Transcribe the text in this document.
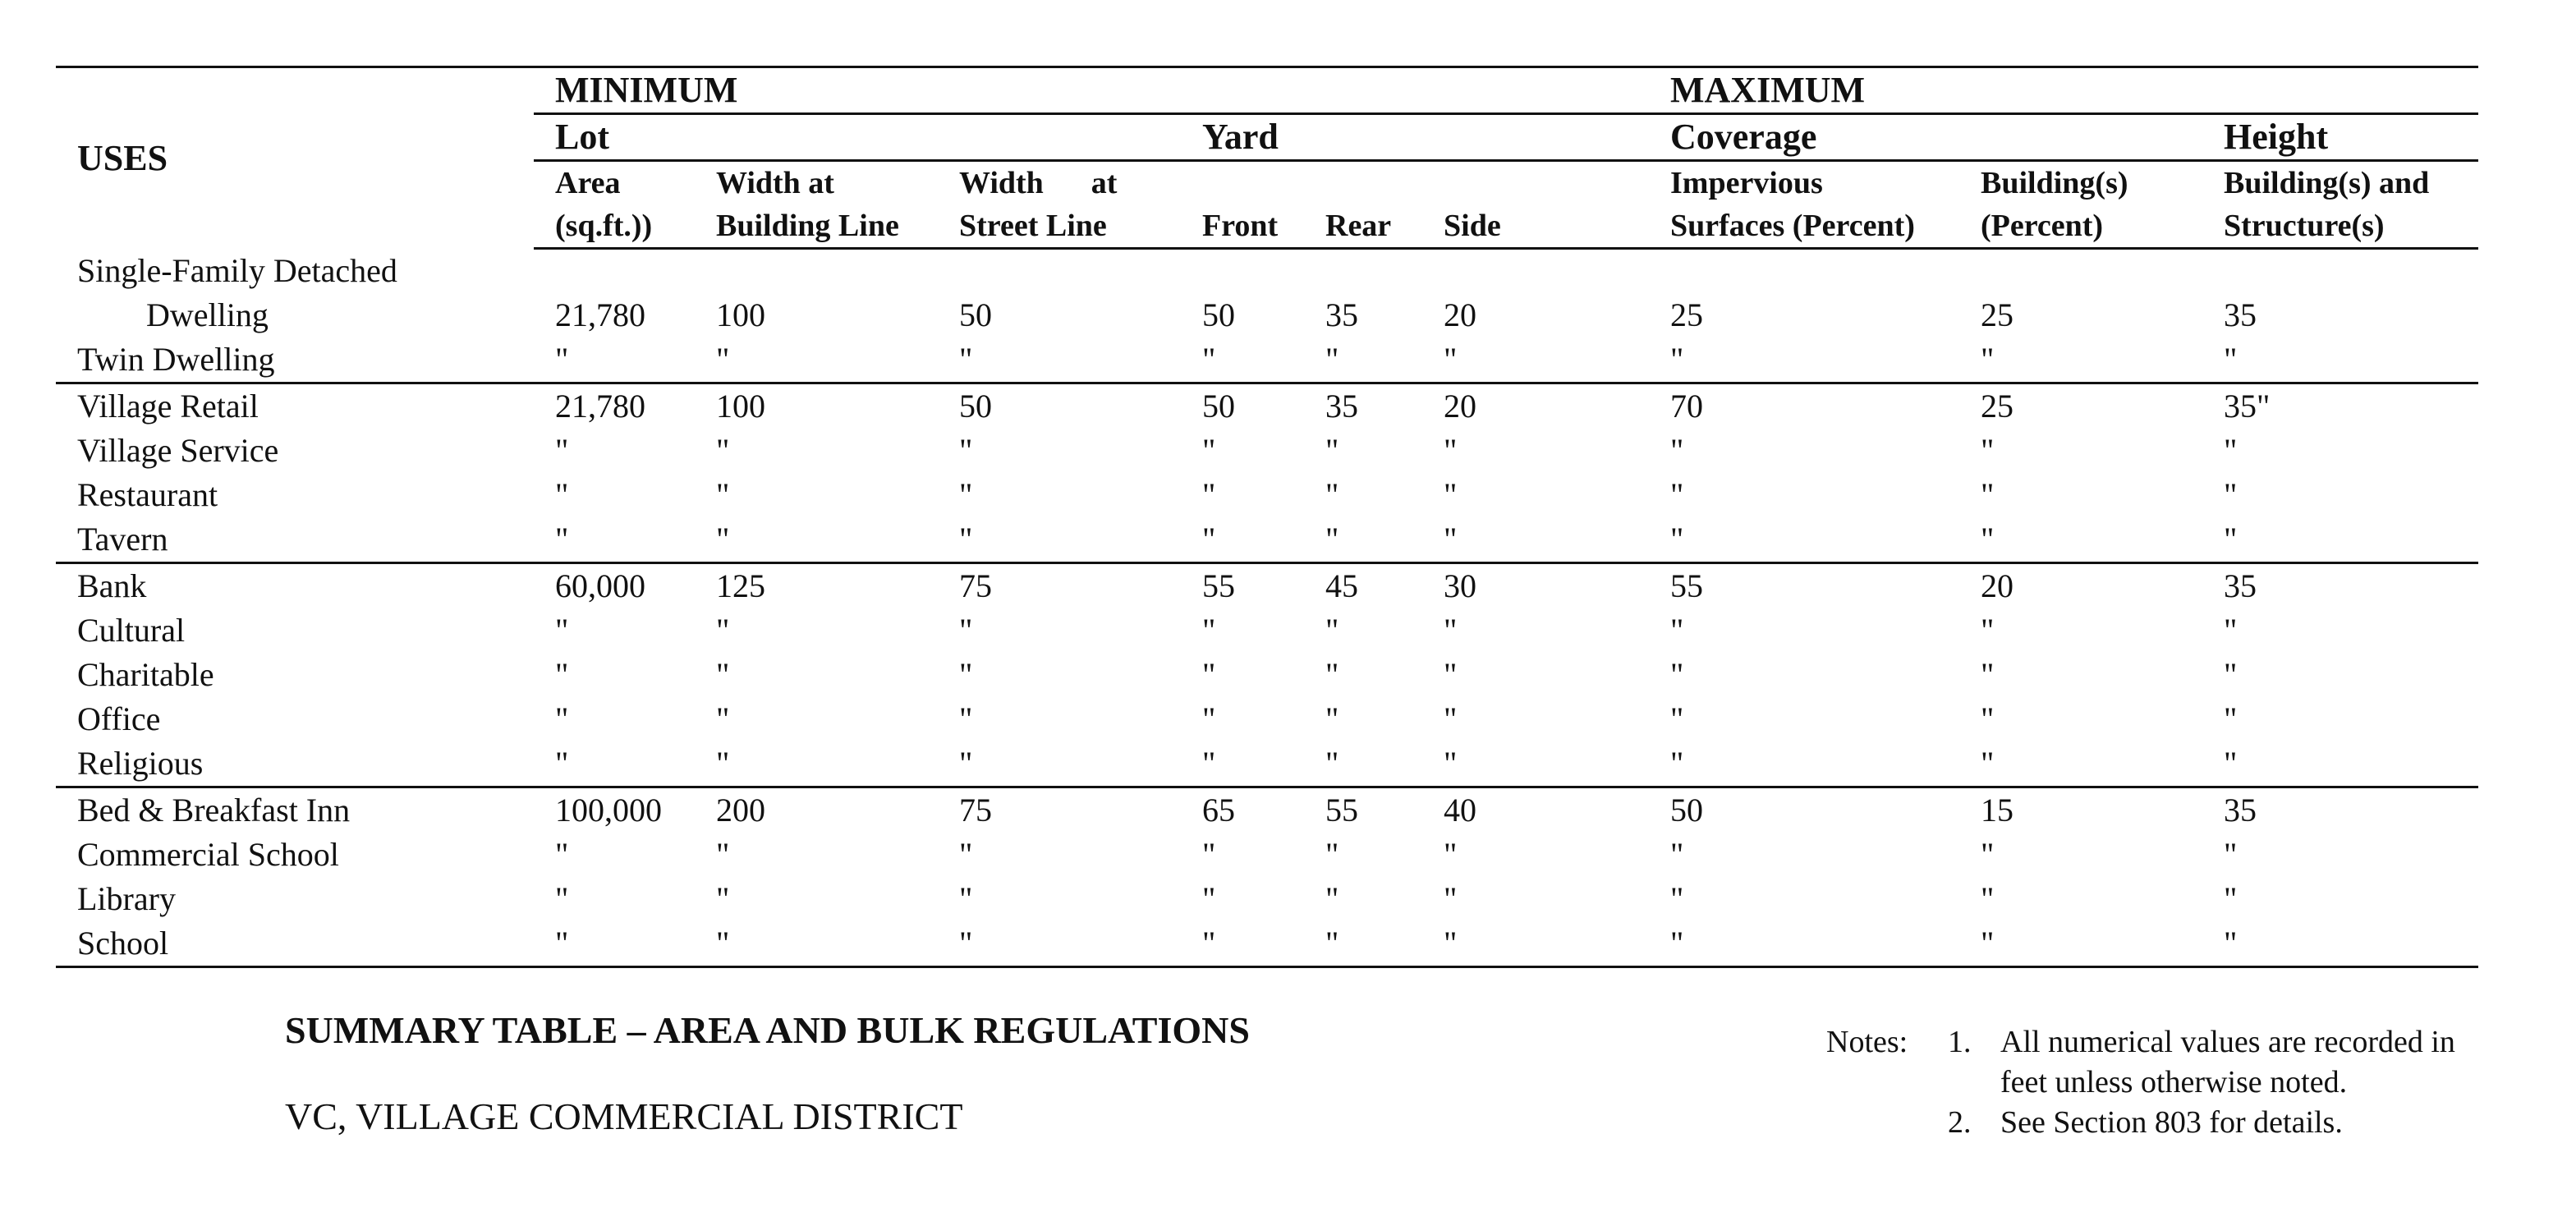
USES	MINIMUM						MAXIMUM		
	Lot			Yard			Coverage		Height
	Area	Width at	Width at				Impervious	Building(s)	Building(s) and
	(sq.ft.))	Building Line	Street Line	Front	Rear	Side	Surfaces (Percent)	(Percent)	Structure(s)
Single-Family Detached									
Dwelling	21,780	100	50	50	35	20	25	25	35
Twin Dwelling	"	"	"	"	"	"	"	"	"
Village Retail	21,780	100	50	50	35	20	70	25	35"
Village Service	"	"	"	"	"	"	"	"	"
Restaurant	"	"	"	"	"	"	"	"	"
Tavern	"	"	"	"	"	"	"	"	"
Bank	60,000	125	75	55	45	30	55	20	35
Cultural	"	"	"	"	"	"	"	"	"
Charitable	"	"	"	"	"	"	"	"	"
Office	"	"	"	"	"	"	"	"	"
Religious	"	"	"	"	"	"	"	"	"
Bed & Breakfast Inn	100,000	200	75	65	55	40	50	15	35
Commercial School	"	"	"	"	"	"	"	"	"
Library	"	"	"	"	"	"	"	"	"
School	"	"	"	"	"	"	"	"	"

SUMMARY TABLE – AREA AND BULK REGULATIONS
VC, VILLAGE COMMERCIAL DISTRICT
Notes: 1. All numerical values are recorded in
feet unless otherwise noted.
2. See Section 803 for details.
